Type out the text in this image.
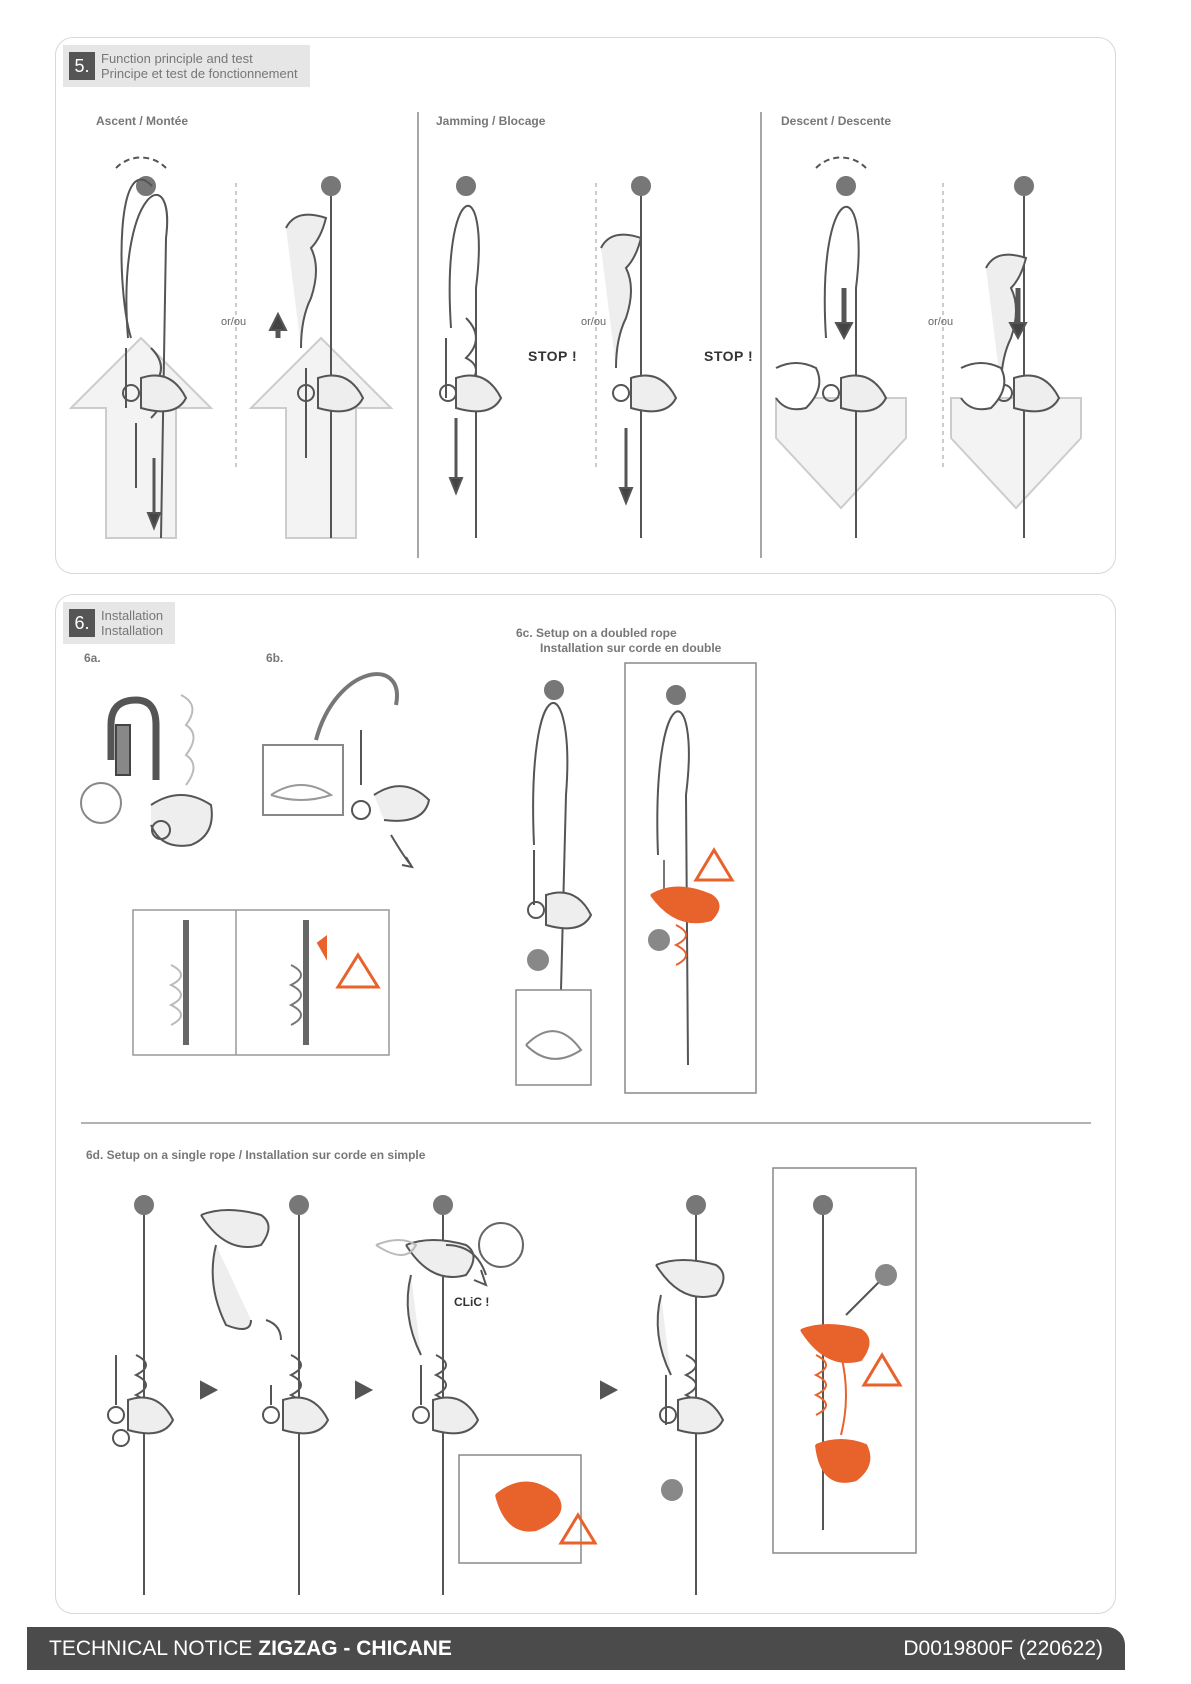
5. Function principle and test
Principe et test de fonctionnement
Ascent / Montée	Jamming / Blocage	Descent / Descente
or/ou	or/ou	or/ou
STOP !	STOP !
6. Installation
Installation
6a.	6b.
6c. Setup on a doubled rope
Installation sur corde en double
6d. Setup on a single rope / Installation sur corde en simple
CLiC !
TECHNICAL NOTICE ZIGZAG - CHICANE	D0019800F (220622)
